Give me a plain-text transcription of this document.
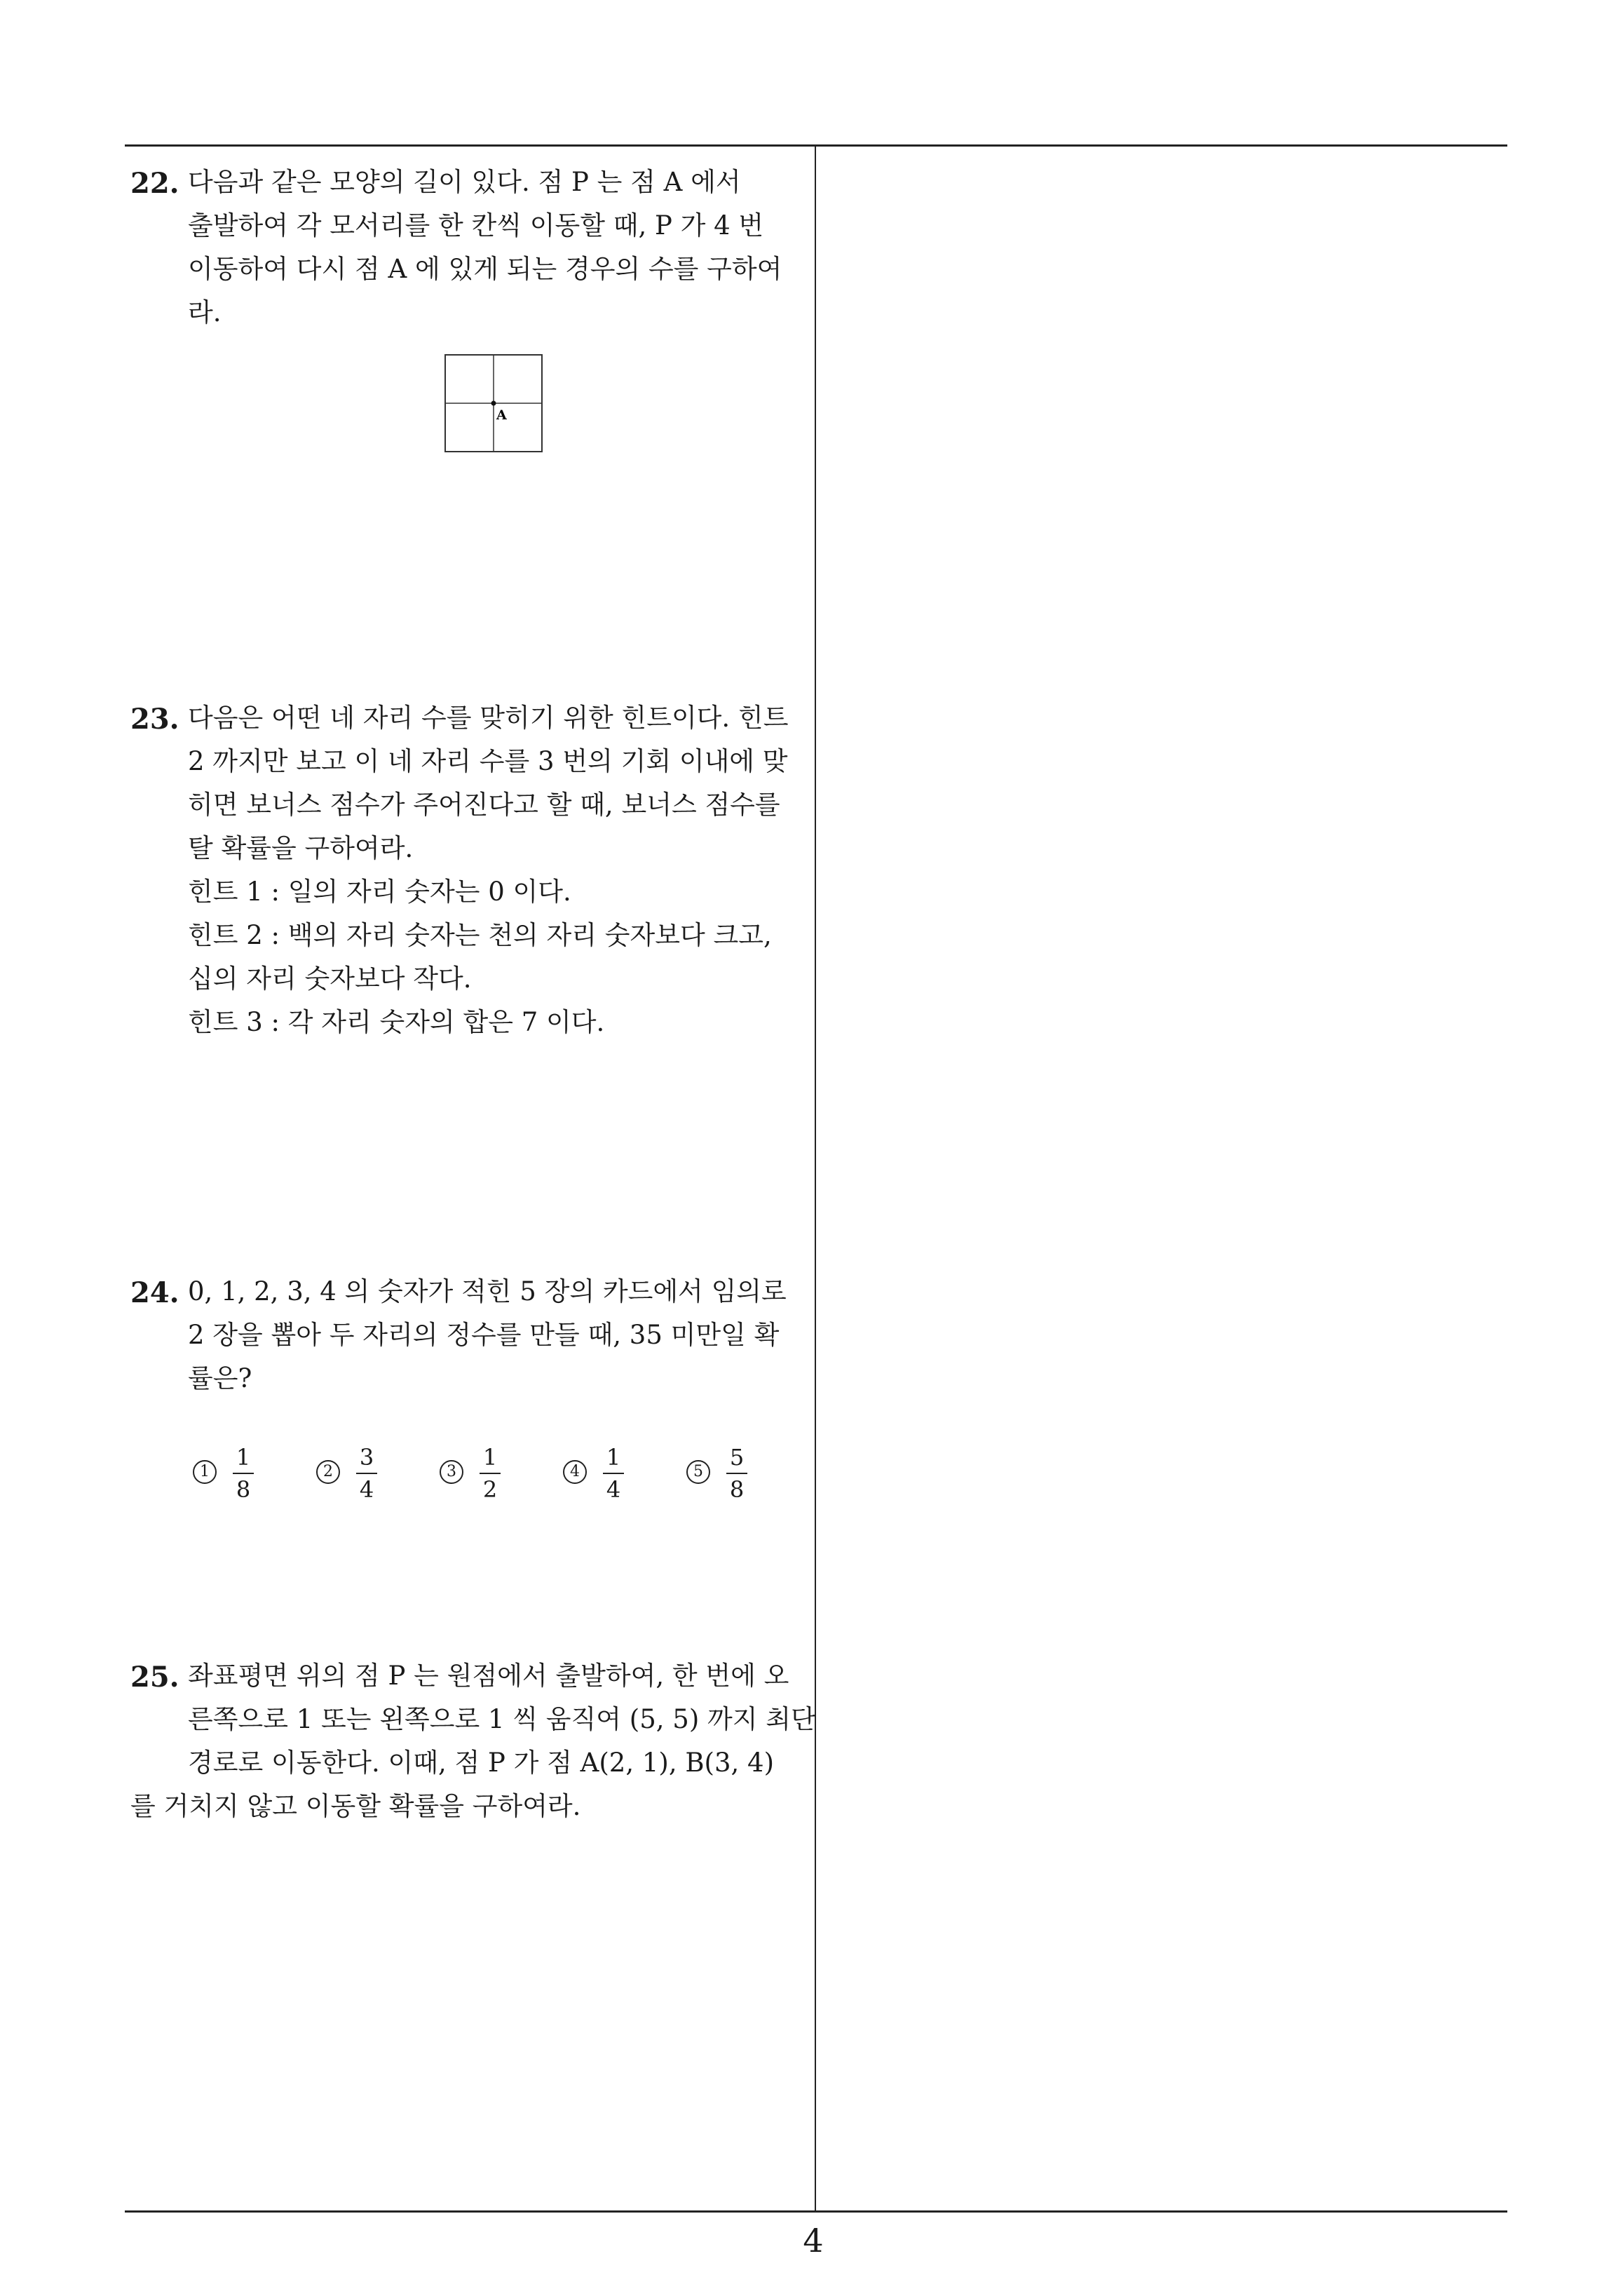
22. 다음과 같은 모양의 길이 있다. 점 P 는 점 A 에서
출발하여 각 모서리를 한 칸씩 이동할 때, P 가 4 번
이동하여 다시 점 A 에 있게 되는 경우의 수를 구하여
라.
A
23. 다음은 어떤 네 자리 수를 맞히기 위한 힌트이다. 힌트
2 까지만 보고 이 네 자리 수를 3 번의 기회 이내에 맞
히면 보너스 점수가 주어진다고 할 때, 보너스 점수를
탈 확률을 구하여라.
힌트 1 : 일의 자리 숫자는 0 이다.
힌트 2 : 백의 자리 숫자는 천의 자리 숫자보다 크고,
십의 자리 숫자보다 작다.
힌트 3 : 각 자리 숫자의 합은 7 이다.
24. 0, 1, 2, 3, 4 의 숫자가 적힌 5 장의 카드에서 임의로
2 장을 뽑아 두 자리의 정수를 만들 때, 35 미만일 확
률은?
1
1
8
2
3
4
3
1
2
4
1
4
5
5
8
25. 좌표평면 위의 점 P 는 원점에서 출발하여, 한 번에 오
른쪽으로 1 또는 왼쪽으로 1 씩 움직여 (5, 5) 까지 최단
경로로 이동한다. 이때, 점 P 가 점 A(2, 1), B(3, 4)
를 거치지 않고 이동할 확률을 구하여라.
4
